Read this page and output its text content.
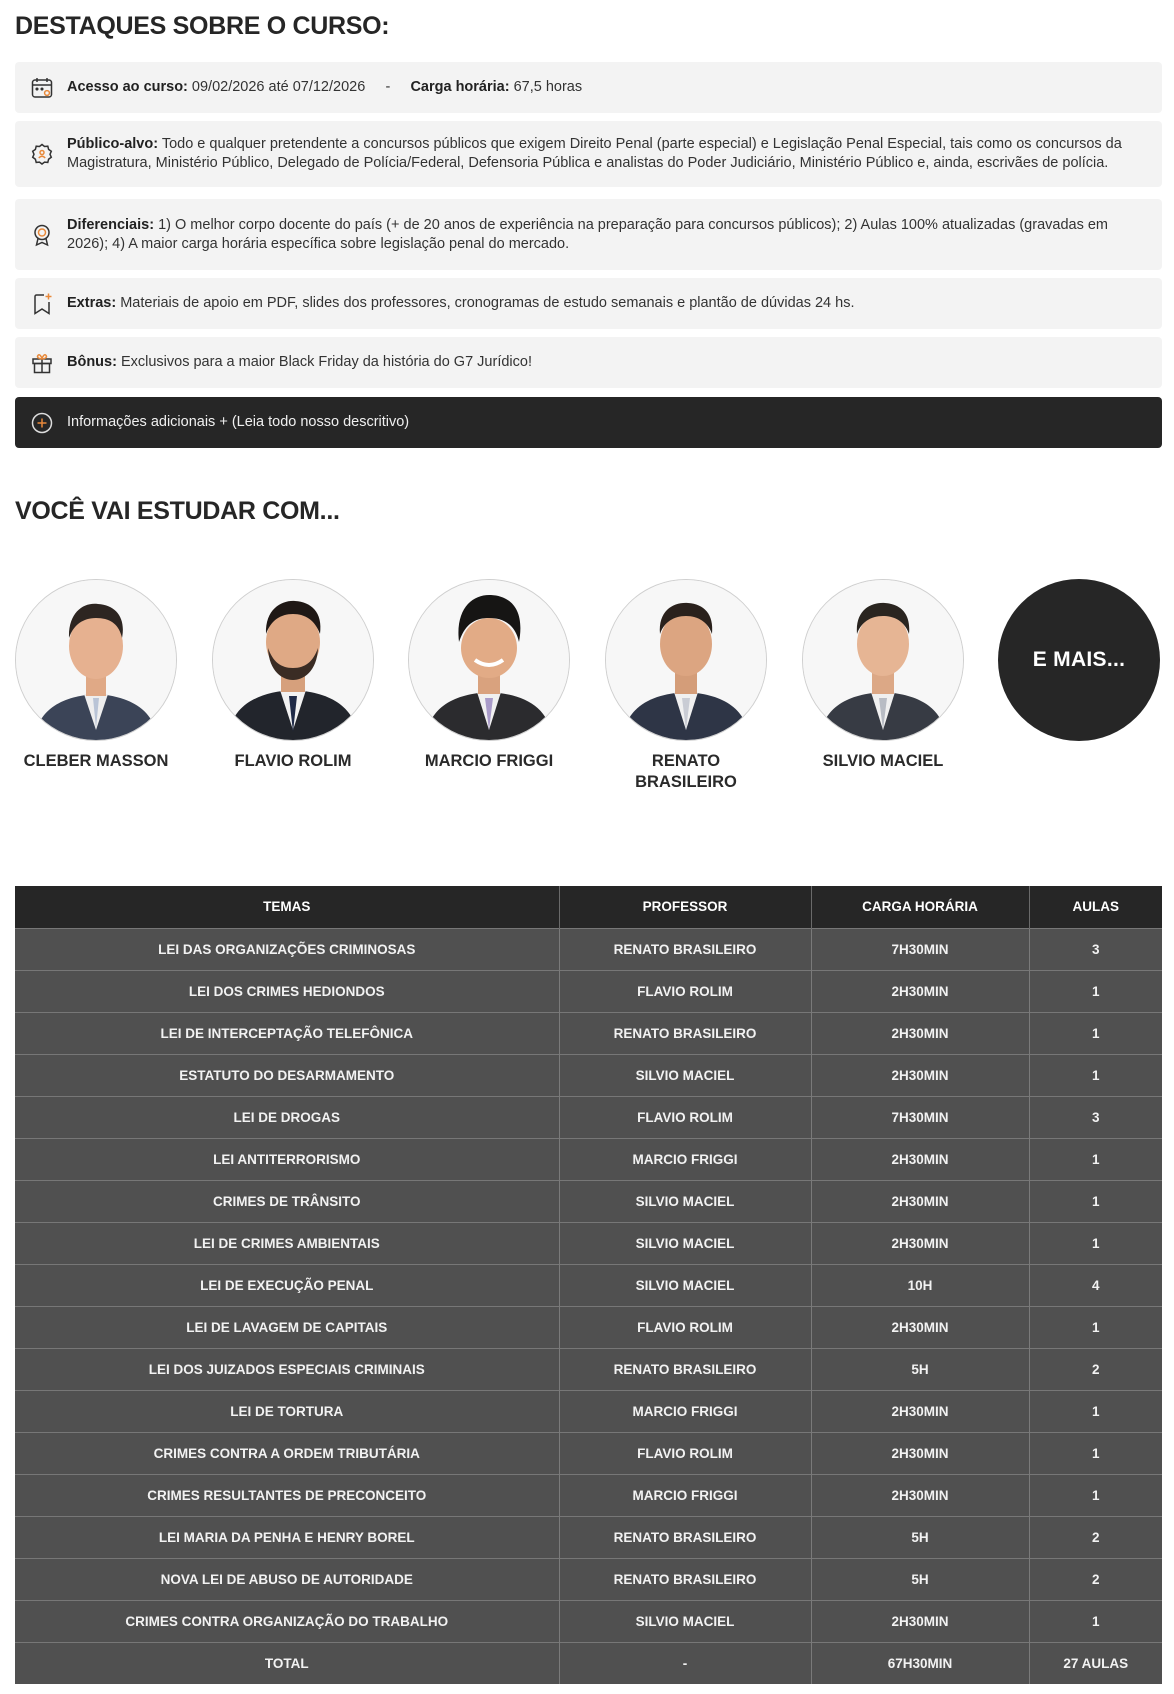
DESTAQUES SOBRE O CURSO:
Acesso ao curso: 09/02/2026 até 07/12/2026 - Carga horária: 67,5 horas
Público-alvo: Todo e qualquer pretendente a concursos públicos que exigem Direito Penal (parte especial) e Legislação Penal Especial, tais como os concursos da Magistratura, Ministério Público, Delegado de Polícia/Federal, Defensoria Pública e analistas do Poder Judiciário, Ministério Público e, ainda, escrivães de polícia.
Diferenciais: 1) O melhor corpo docente do país (+ de 20 anos de experiência na preparação para concursos públicos); 2) Aulas 100% atualizadas (gravadas em 2026); 4) A maior carga horária específica sobre legislação penal do mercado.
Extras: Materiais de apoio em PDF, slides dos professores, cronogramas de estudo semanais e plantão de dúvidas 24 hs.
Bônus: Exclusivos para a maior Black Friday da história do G7 Jurídico!
Informações adicionais + (Leia todo nosso descritivo)
VOCÊ VAI ESTUDAR COM...
CLEBER MASSON	FLAVIO ROLIM	MARCIO FRIGGI	RENATO BRASILEIRO
SILVIO MACIEL
E MAIS...
TEMAS	PROFESSOR	CARGA HORÁRIA	AULAS
LEI DAS ORGANIZAÇÕES CRIMINOSAS	RENATO BRASILEIRO	7H30MIN	3
LEI DOS CRIMES HEDIONDOS	FLAVIO ROLIM	2H30MIN	1
LEI DE INTERCEPTAÇÃO TELEFÔNICA	RENATO BRASILEIRO	2H30MIN	1
ESTATUTO DO DESARMAMENTO	SILVIO MACIEL	2H30MIN	1
LEI DE DROGAS	FLAVIO ROLIM	7H30MIN	3
LEI ANTITERRORISMO	MARCIO FRIGGI	2H30MIN	1
CRIMES DE TRÂNSITO	SILVIO MACIEL	2H30MIN	1
LEI DE CRIMES AMBIENTAIS	SILVIO MACIEL	2H30MIN	1
LEI DE EXECUÇÃO PENAL	SILVIO MACIEL	10H	4
LEI DE LAVAGEM DE CAPITAIS	FLAVIO ROLIM	2H30MIN	1
LEI DOS JUIZADOS ESPECIAIS CRIMINAIS	RENATO BRASILEIRO	5H	2
LEI DE TORTURA	MARCIO FRIGGI	2H30MIN	1
CRIMES CONTRA A ORDEM TRIBUTÁRIA	FLAVIO ROLIM	2H30MIN	1
CRIMES RESULTANTES DE PRECONCEITO	MARCIO FRIGGI	2H30MIN	1
LEI MARIA DA PENHA E HENRY BOREL	RENATO BRASILEIRO	5H	2
NOVA LEI DE ABUSO DE AUTORIDADE	RENATO BRASILEIRO	5H	2
CRIMES CONTRA ORGANIZAÇÃO DO TRABALHO	SILVIO MACIEL	2H30MIN	1
TOTAL	-	67H30MIN	27 AULAS
